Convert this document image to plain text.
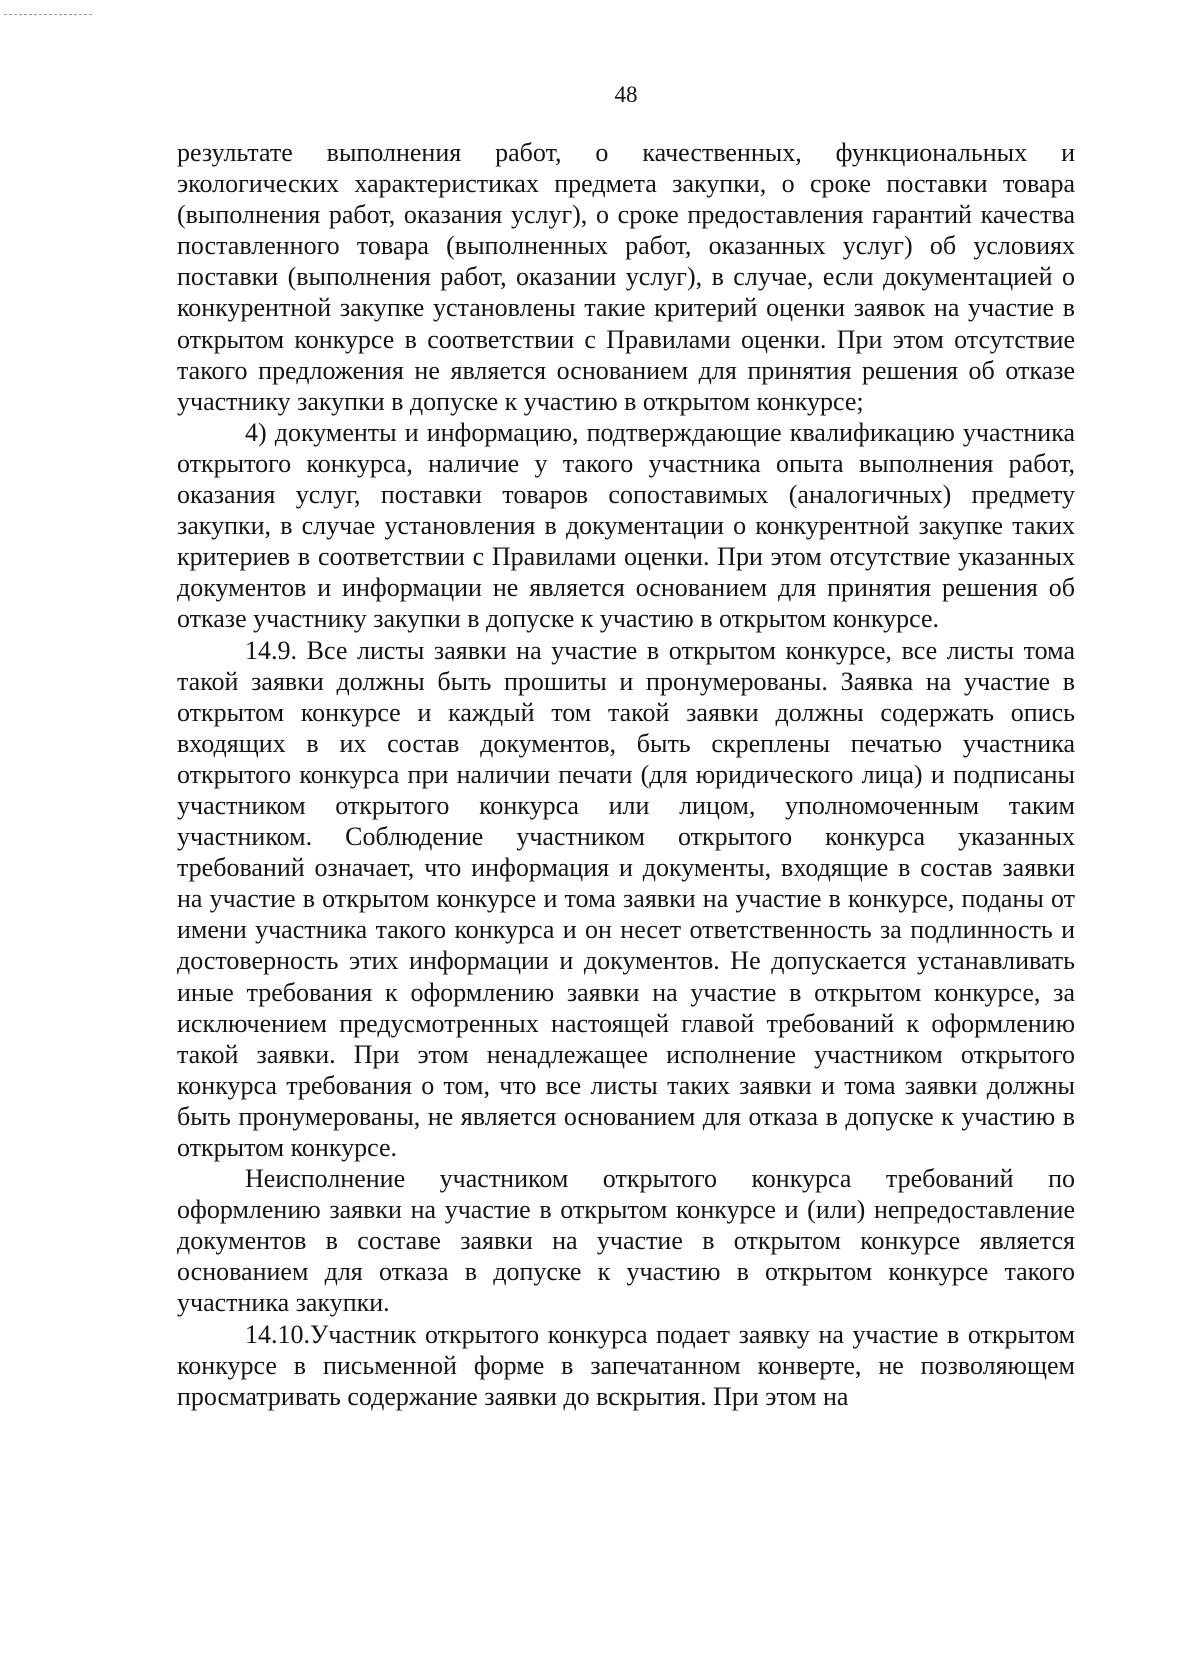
48

результате выполнения работ, о качественных, функциональных и экологических характеристиках предмета закупки, о сроке поставки товара (выполнения работ, оказания услуг), о сроке предоставления гарантий качества поставленного товара (выполненных работ, оказанных услуг) об условиях поставки (выполнения работ, оказании услуг), в случае, если документацией о конкурентной закупке установлены такие критерий оценки заявок на участие в открытом конкурсе в соответствии с Правилами оценки. При этом отсутствие такого предложения не является основанием для принятия решения об отказе участнику закупки в допуске к участию в открытом конкурсе;

4) документы и информацию, подтверждающие квалификацию участника открытого конкурса, наличие у такого участника опыта выполнения работ, оказания услуг, поставки товаров сопоставимых (аналогичных) предмету закупки, в случае установления в документации о конкурентной закупке таких критериев в соответствии с Правилами оценки. При этом отсутствие указанных документов и информации не является основанием для принятия решения об отказе участнику закупки в допуске к участию в открытом конкурсе.

14.9. Все листы заявки на участие в открытом конкурсе, все листы тома такой заявки должны быть прошиты и пронумерованы. Заявка на участие в открытом конкурсе и каждый том такой заявки должны содержать опись входящих в их состав документов, быть скреплены печатью участника открытого конкурса при наличии печати (для юридического лица) и подписаны участником открытого конкурса или лицом, уполномоченным таким участником. Соблюдение участником открытого конкурса указанных требований означает, что информация и документы, входящие в состав заявки на участие в открытом конкурсе и тома заявки на участие в конкурсе, поданы от имени участника такого конкурса и он несет ответственность за подлинность и достоверность этих информации и документов. Не допускается устанавливать иные требования к оформлению заявки на участие в открытом конкурсе, за исключением предусмотренных настоящей главой требований к оформлению такой заявки. При этом ненадлежащее исполнение участником открытого конкурса требования о том, что все листы таких заявки и тома заявки должны быть пронумерованы, не является основанием для отказа в допуске к участию в открытом конкурсе.

Неисполнение участником открытого конкурса требований по оформлению заявки на участие в открытом конкурсе и (или) непредоставление документов в составе заявки на участие в открытом конкурсе является основанием для отказа в допуске к участию в открытом конкурсе такого участника закупки.

14.10.Участник открытого конкурса подает заявку на участие в открытом конкурсе в письменной форме в запечатанном конверте, не позволяющем просматривать содержание заявки до вскрытия. При этом на
